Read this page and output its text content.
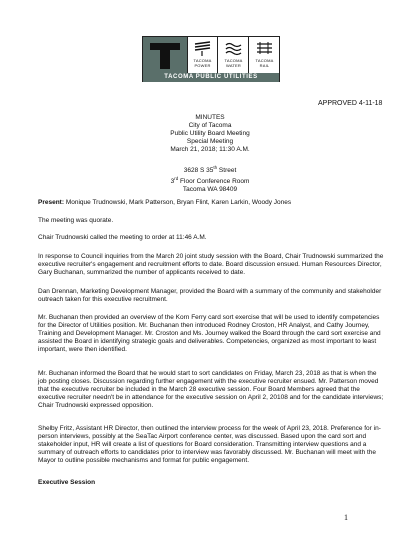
TACOMA
POWER
TACOMA
WATER
TACOMA
RAIL
TACOMA PUBLIC UTILITIES
APPROVED 4-11-18
MINUTES
City of Tacoma
Public Utility Board Meeting
Special Meeting
March 21, 2018; 11:30 A.M.
3628 S 35th Street
3rd Floor Conference Room
Tacoma WA 98409
Present: Monique Trudnowski, Mark Patterson, Bryan Flint, Karen Larkin, Woody Jones
The meeting was quorate.
Chair Trudnowski called the meeting to order at 11:46 A.M.
In response to Council inquiries from the March 20 joint study session with the Board, Chair Trudnowski summarized the executive recruiter's engagement and recruitment efforts to date. Board discussion ensued. Human Resources Director, Gary Buchanan, summarized the number of applicants received to date.
Dan Drennan, Marketing Development Manager, provided the Board with a summary of the community and stakeholder outreach taken for this executive recruitment.
Mr. Buchanan then provided an overview of the Korn Ferry card sort exercise that will be used to identify competencies for the Director of Utilities position. Mr. Buchanan then introduced Rodney Croston, HR Analyst, and Cathy Journey, Training and Development Manager. Mr. Croston and Ms. Journey walked the Board through the card sort exercise and assisted the Board in identifying strategic goals and deliverables. Competencies, organized as most important to least important, were then identified.
Mr. Buchanan informed the Board that he would start to sort candidates on Friday, March 23, 2018 as that is when the job posting closes. Discussion regarding further engagement with the executive recruiter ensued. Mr. Patterson moved that the executive recruiter be included in the March 28 executive session. Four Board Members agreed that the executive recruiter needn't be in attendance for the executive session on April 2, 20108 and for the candidate interviews; Chair Trudnowski expressed opposition.
Shelby Fritz, Assistant HR Director, then outlined the interview process for the week of April 23, 2018. Preference for in-person interviews, possibly at the SeaTac Airport conference center, was discussed. Based upon the card sort and stakeholder input, HR will create a list of questions for Board consideration. Transmitting interview questions and a summary of outreach efforts to candidates prior to interview was favorably discussed. Mr. Buchanan will meet with the Mayor to outline possible mechanisms and format for public engagement.
Executive Session
1
